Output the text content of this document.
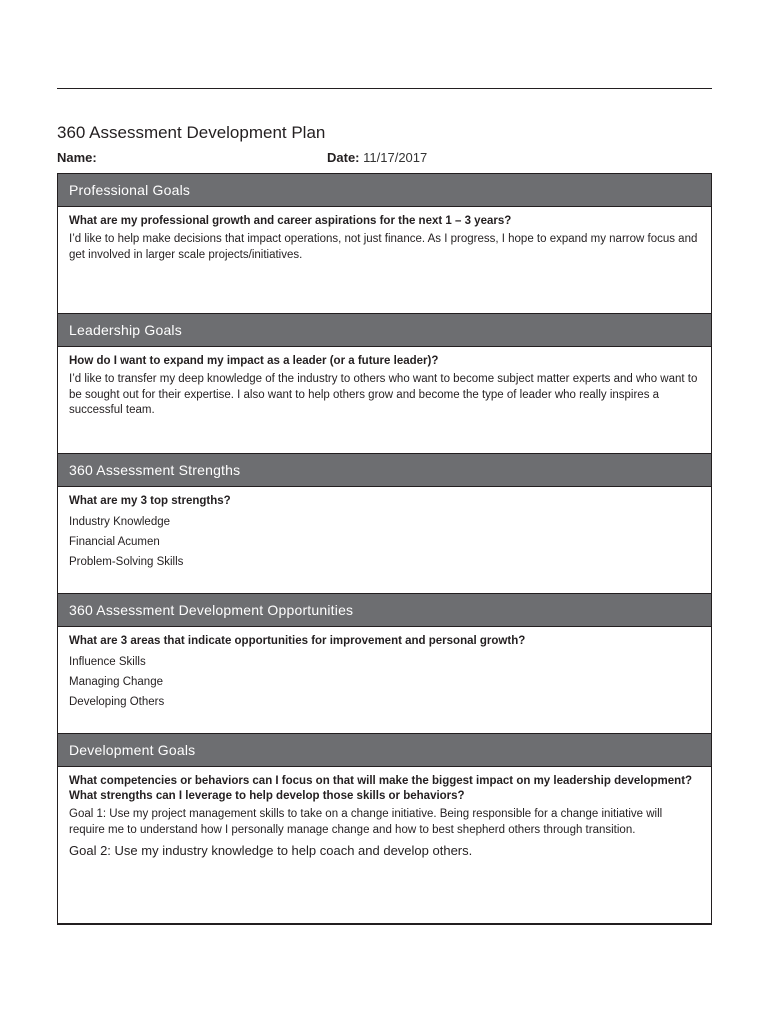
360 Assessment Development Plan
Name:	Date: 11/17/2017
Professional Goals
What are my professional growth and career aspirations for the next 1 – 3 years?
I’d like to help make decisions that impact operations, not just finance. As I progress, I hope to expand my narrow focus and get involved in larger scale projects/initiatives.
Leadership Goals
How do I want to expand my impact as a leader (or a future leader)?
I’d like to transfer my deep knowledge of the industry to others who want to become subject matter experts and who want to be sought out for their expertise. I also want to help others grow and become the type of leader who really inspires a successful team.
360 Assessment Strengths
What are my 3 top strengths?
Industry Knowledge
Financial Acumen
Problem-Solving Skills
360 Assessment Development Opportunities
What are 3 areas that indicate opportunities for improvement and personal growth?
Influence Skills
Managing Change
Developing Others
Development Goals
What competencies or behaviors can I focus on that will make the biggest impact on my leadership development? What strengths can I leverage to help develop those skills or behaviors?
Goal 1: Use my project management skills to take on a change initiative. Being responsible for a change initiative will require me to understand how I personally manage change and how to best shepherd others through transition.
Goal 2: Use my industry knowledge to help coach and develop others.
